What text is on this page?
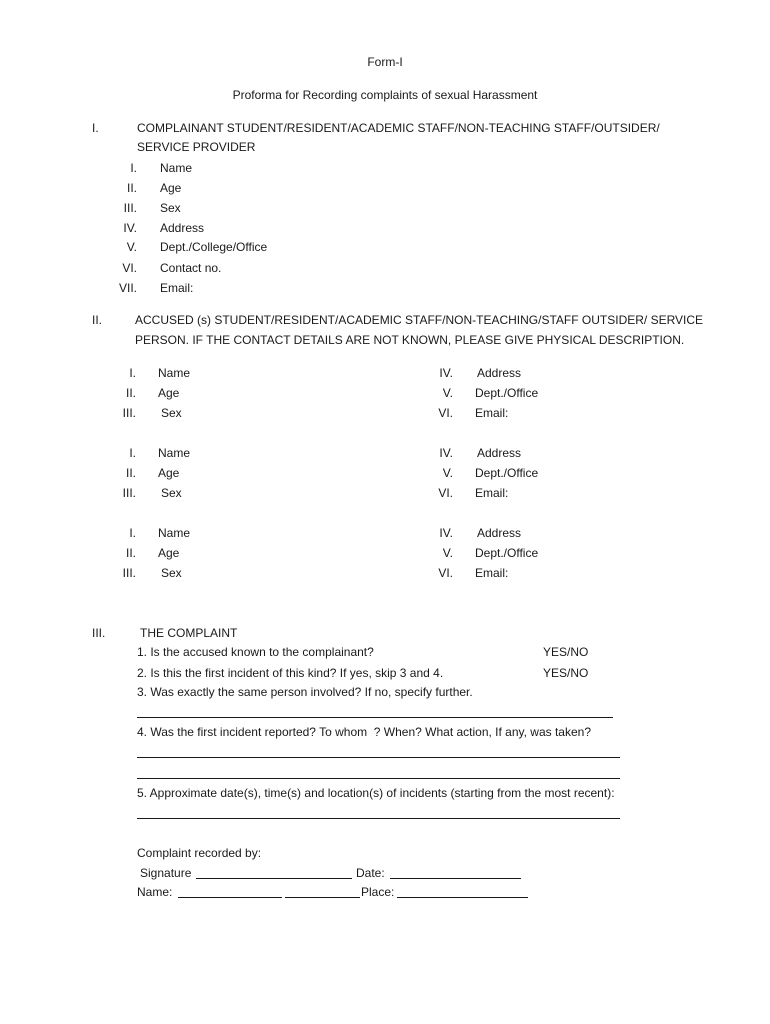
Form-I
Proforma for Recording complaints of sexual Harassment
I.	COMPLAINANT STUDENT/RESIDENT/ACADEMIC STAFF/NON-TEACHING STAFF/OUTSIDER/
SERVICE PROVIDER
I. Name
II. Age
III. Sex
IV. Address
V. Dept./College/Office
VI. Contact no.
VII. Email:
II.	ACCUSED (s) STUDENT/RESIDENT/ACADEMIC STAFF/NON-TEACHING/STAFF OUTSIDER/ SERVICE
PERSON. IF THE CONTACT DETAILS ARE NOT KNOWN, PLEASE GIVE PHYSICAL DESCRIPTION.
I. Name
II. Age
III. Sex
IV. Address
V. Dept./Office
VI. Email:
I. Name
II. Age
III. Sex
IV. Address
V. Dept./Office
VI. Email:
I. Name
II. Age
III. Sex
IV. Address
V. Dept./Office
VI. Email:
III.	THE COMPLAINT
1. Is the accused known to the complainant?	YES/NO
2. Is this the first incident of this kind? If yes, skip 3 and 4.	YES/NO
3. Was exactly the same person involved? If no, specify further.
4. Was the first incident reported? To whom  ? When? What action, If any, was taken?
5. Approximate date(s), time(s) and location(s) of incidents (starting from the most recent):
Complaint recorded by:
Signature	Date:
Name:	Place:
